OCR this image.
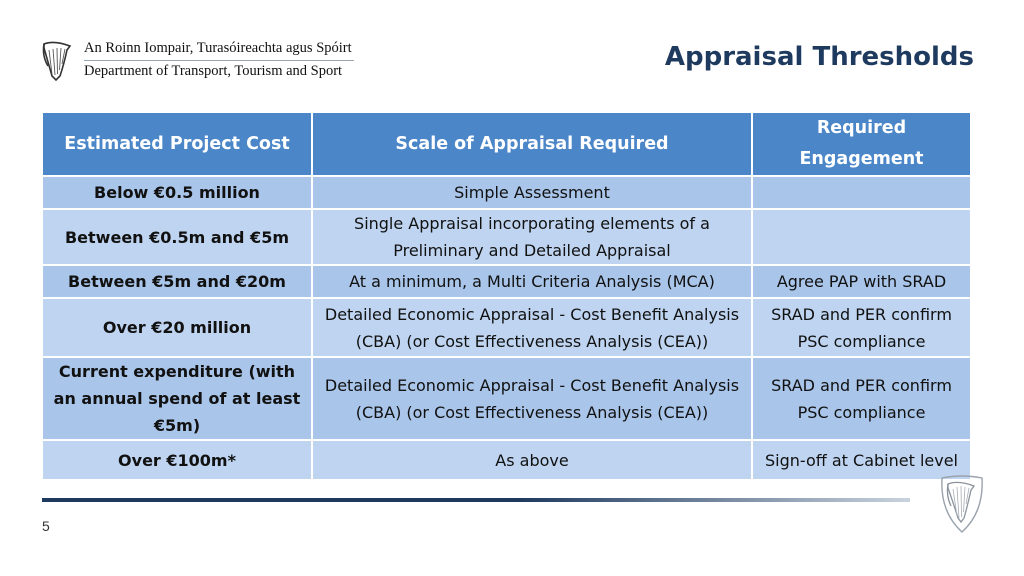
An Roinn Iompair, Turasóireachta agus Spóirt
Department of Transport, Tourism and Sport	Appraisal Thresholds
Estimated Project Cost	Scale of Appraisal Required	Required Engagement
Below €0.5 million	Simple Assessment	
Between €0.5m and €5m	Single Appraisal incorporating elements of a Preliminary and Detailed Appraisal	
Between €5m and €20m	At a minimum, a Multi Criteria Analysis (MCA)	Agree PAP with SRAD
Over €20 million	Detailed Economic Appraisal - Cost Benefit Analysis (CBA) (or Cost Effectiveness Analysis (CEA))	SRAD and PER confirm PSC compliance
Current expenditure (with an annual spend of at least €5m)	Detailed Economic Appraisal - Cost Benefit Analysis (CBA) (or Cost Effectiveness Analysis (CEA))	SRAD and PER confirm PSC compliance
Over €100m*	As above	Sign-off at Cabinet level
5
